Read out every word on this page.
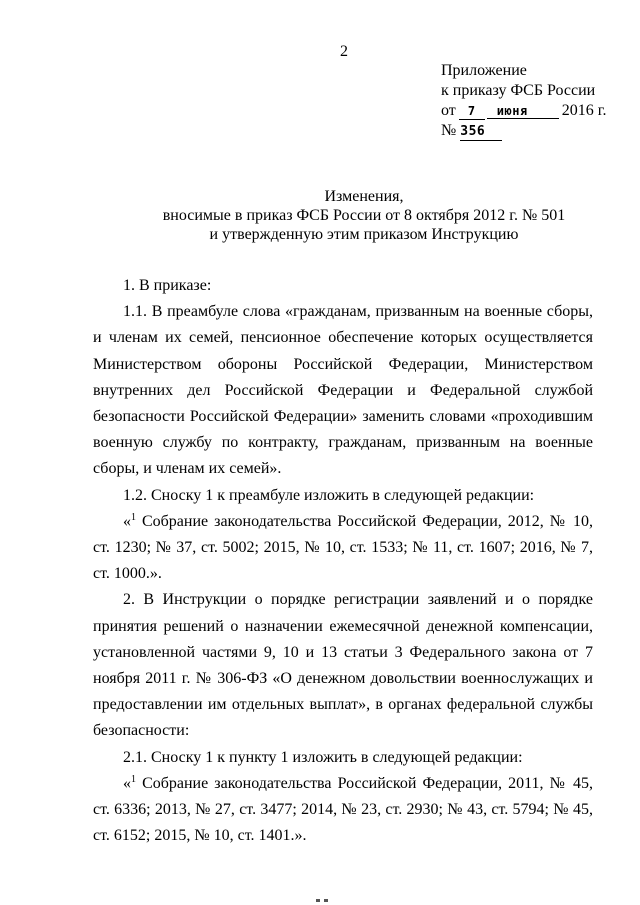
2
Приложение
к приказу ФСБ России
от 7 июня 2016 г.
№ 356
Изменения,
вносимые в приказ ФСБ России от 8 октября 2012 г. № 501
и утвержденную этим приказом Инструкцию

1. В приказе:

1.1. В преамбуле слова «гражданам, призванным на военные сборы, и членам их семей, пенсионное обеспечение которых осуществляется Министерством обороны Российской Федерации, Министерством внутренних дел Российской Федерации и Федеральной службой безопасности Российской Федерации» заменить словами «проходившим военную службу по контракту, гражданам, призванным на военные сборы, и членам их семей».

1.2. Сноску 1 к преамбуле изложить в следующей редакции:

«$^1$ Собрание законодательства Российской Федерации, 2012, № 10, ст. 1230; № 37, ст. 5002; 2015, № 10, ст. 1533; № 11, ст. 1607; 2016, № 7, ст. 1000.».

2. В Инструкции о порядке регистрации заявлений и о порядке принятия решений о назначении ежемесячной денежной компенсации, установленной частями 9, 10 и 13 статьи 3 Федерального закона от 7 ноября 2011 г. № 306-ФЗ «О денежном довольствии военнослужащих и предоставлении им отдельных выплат», в органах федеральной службы безопасности:

2.1. Сноску 1 к пункту 1 изложить в следующей редакции:

«$^1$ Собрание законодательства Российской Федерации, 2011, № 45, ст. 6336; 2013, № 27, ст. 3477; 2014, № 23, ст. 2930; № 43, ст. 5794; № 45, ст. 6152; 2015, № 10, ст. 1401.».
